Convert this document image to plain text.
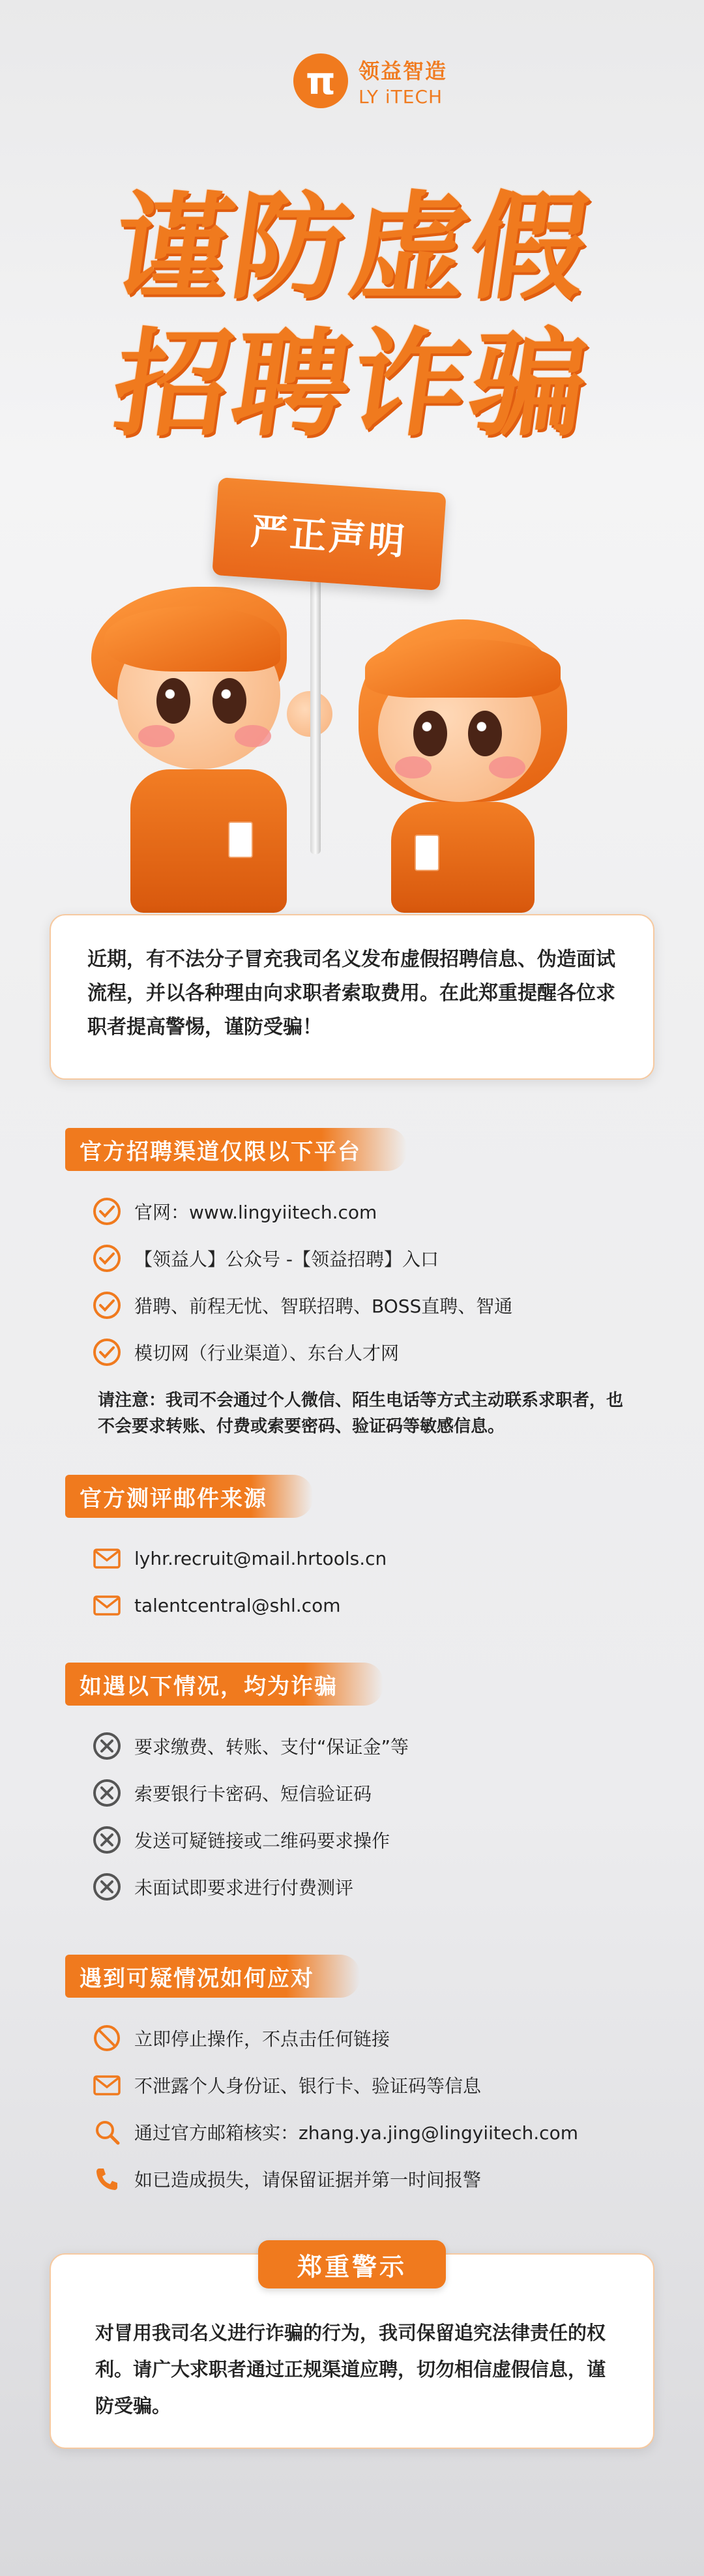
π	领益智造
LY iTECH
谨防虚假
招聘诈骗
严正声明
近期，有不法分子冒充我司名义发布虚假招聘信息、伪造面试流程，并以各种理由向求职者索取费用。在此郑重提醒各位求职者提高警惕，谨防受骗！
官方招聘渠道仅限以下平台
官网：www.lingyiitech.com
【领益人】公众号 -【领益招聘】入口
猎聘、前程无忧、智联招聘、BOSS直聘、智通
模切网（行业渠道）、东台人才网
请注意：我司不会通过个人微信、陌生电话等方式主动联系求职者，也不会要求转账、付费或索要密码、验证码等敏感信息。
官方测评邮件来源
lyhr.recruit@mail.hrtools.cn
talentcentral@shl.com
如遇以下情况，均为诈骗
要求缴费、转账、支付“保证金”等
索要银行卡密码、短信验证码
发送可疑链接或二维码要求操作
未面试即要求进行付费测评
遇到可疑情况如何应对
立即停止操作，不点击任何链接
不泄露个人身份证、银行卡、验证码等信息
通过官方邮箱核实：zhang.ya.jing@lingyiitech.com
如已造成损失，请保留证据并第一时间报警
对冒用我司名义进行诈骗的行为，我司保留追究法律责任的权利。请广大求职者通过正规渠道应聘，切勿相信虚假信息，谨防受骗。
郑重警示
